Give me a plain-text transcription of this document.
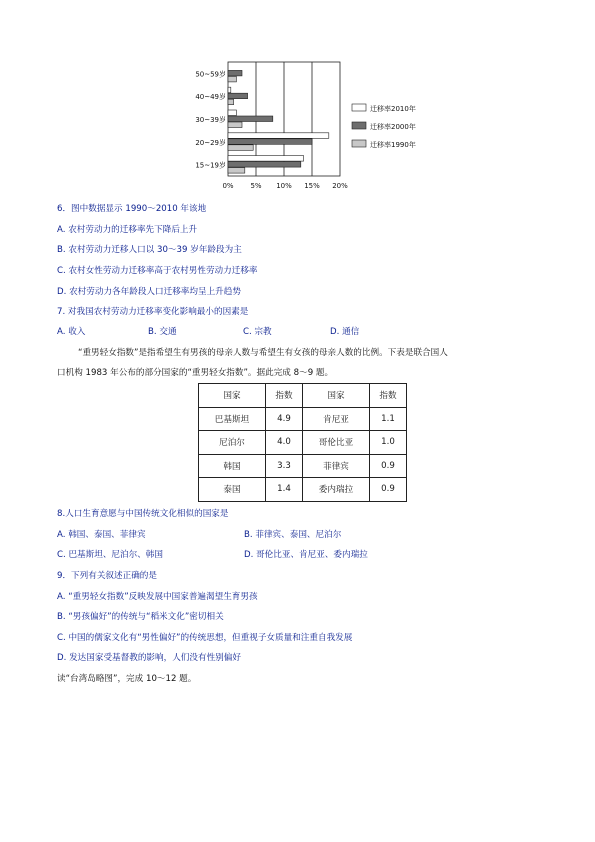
0% 5% 10% 15% 20%
50~59岁
40~49岁
30~39岁
20~29岁
15~19岁
迁移率2010年
迁移率2000年
迁移率1990年
6．图中数据显示 1990～2010 年该地
A. 农村劳动力的迁移率先下降后上升
B. 农村劳动力迁移人口以 30～39 岁年龄段为主
C. 农村女性劳动力迁移率高于农村男性劳动力迁移率
D. 农村劳动力各年龄段人口迁移率均呈上升趋势
7. 对我国农村劳动力迁移率变化影响最小的因素是
A. 收入	B. 交通	C. 宗教	D. 通信
“重男轻女指数”是指希望生有男孩的母亲人数与希望生有女孩的母亲人数的比例。下表是联合国人
口机构 1983 年公布的部分国家的“重男轻女指数”。据此完成 8～9 题。
国家	指数	国家	指数
巴基斯坦	4.9	肯尼亚	1.1
尼泊尔	4.0	哥伦比亚	1.0
韩国	3.3	菲律宾	0.9
泰国	1.4	委内瑞拉	0.9
8.人口生育意愿与中国传统文化相似的国家是
A. 韩国、泰国、菲律宾	B. 菲律宾、泰国、尼泊尔
C. 巴基斯坦、尼泊尔、韩国	D. 哥伦比亚、肯尼亚、委内瑞拉
9．下列有关叙述正确的是
A. “重男轻女指数”反映发展中国家普遍渴望生育男孩
B. “男孩偏好”的传统与“稻米文化”密切相关
C. 中国的儒家文化有“男性偏好”的传统思想，但重视子女质量和注重自我发展
D. 发达国家受基督教的影响，人们没有性别偏好
读“台湾岛略图”，完成 10～12 题。
